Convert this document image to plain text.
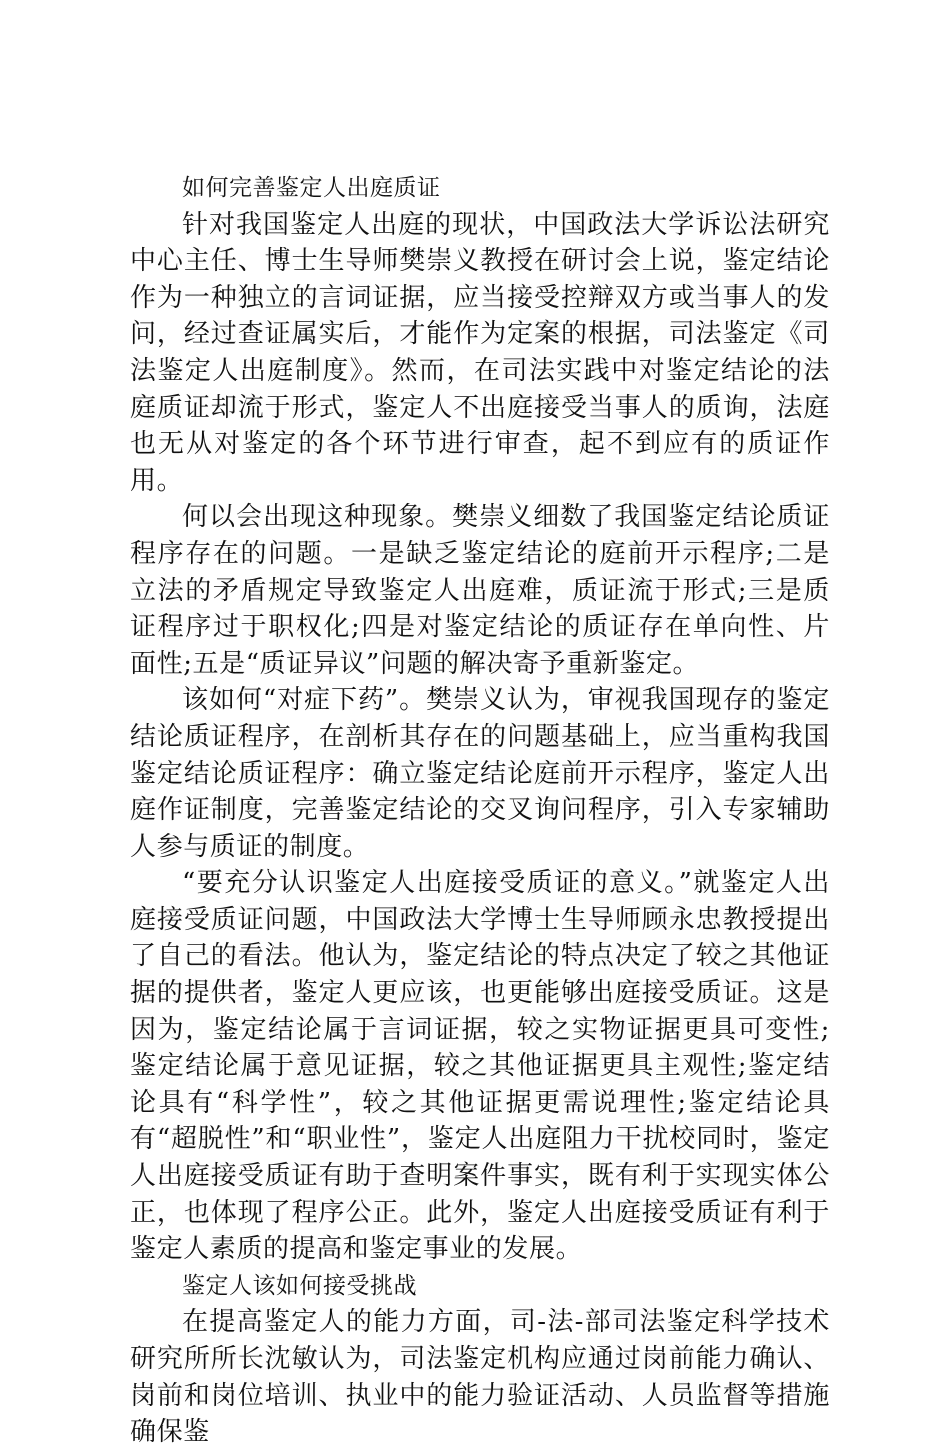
如何完善鉴定人出庭质证

针对我国鉴定人出庭的现状，中国政法大学诉讼法研究中心主任、博士生导师樊崇义教授在研讨会上说，鉴定结论作为一种独立的言词证据，应当接受控辩双方或当事人的发问，经过查证属实后，才能作为定案的根据，司法鉴定《司法鉴定人出庭制度》。然而，在司法实践中对鉴定结论的法庭质证却流于形式，鉴定人不出庭接受当事人的质询，法庭也无从对鉴定的各个环节进行审查，起不到应有的质证作用。

何以会出现这种现象。樊崇义细数了我国鉴定结论质证程序存在的问题。一是缺乏鉴定结论的庭前开示程序;二是立法的矛盾规定导致鉴定人出庭难，质证流于形式;三是质证程序过于职权化;四是对鉴定结论的质证存在单向性、片面性;五是“质证异议”问题的解决寄予重新鉴定。

该如何“对症下药”。樊崇义认为，审视我国现存的鉴定结论质证程序，在剖析其存在的问题基础上，应当重构我国鉴定结论质证程序：确立鉴定结论庭前开示程序，鉴定人出庭作证制度，完善鉴定结论的交叉询问程序，引入专家辅助人参与质证的制度。

“要充分认识鉴定人出庭接受质证的意义。”就鉴定人出庭接受质证问题，中国政法大学博士生导师顾永忠教授提出了自己的看法。他认为，鉴定结论的特点决定了较之其他证据的提供者，鉴定人更应该，也更能够出庭接受质证。这是因为，鉴定结论属于言词证据，较之实物证据更具可变性;鉴定结论属于意见证据，较之其他证据更具主观性;鉴定结论具有“科学性”，较之其他证据更需说理性;鉴定结论具有“超脱性”和“职业性”，鉴定人出庭阻力干扰校同时，鉴定人出庭接受质证有助于查明案件事实，既有利于实现实体公正，也体现了程序公正。此外，鉴定人出庭接受质证有利于鉴定人素质的提高和鉴定事业的发展。

鉴定人该如何接受挑战

在提高鉴定人的能力方面，司-法-部司法鉴定科学技术研究所所长沈敏认为，司法鉴定机构应通过岗前能力确认、岗前和岗位培训、执业中的能力验证活动、人员监督等措施确保鉴
